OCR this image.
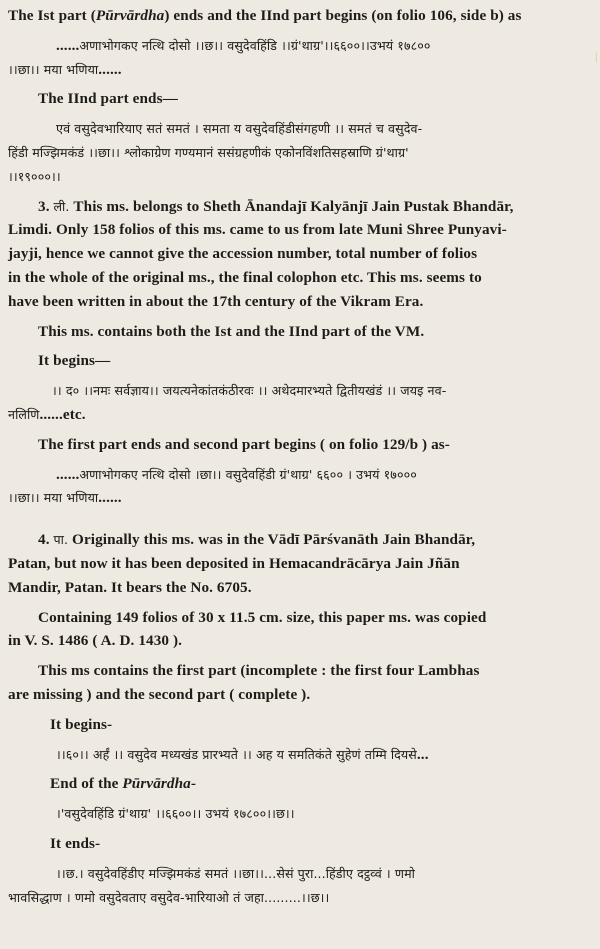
|

The Ist part (Pūrvārdha) ends and the IInd part begins (on folio 106, side b) as

......अणाभोगकए नत्थि दोसो ।।छ।। वसुदेवहिंडि ।।ग्रं'थाग्र'।।६६००।।उभयं १७८००

।।छा।। मया भणिया......

The IInd part ends—

एवं वसुदेवभारियाए सतं समतं । समता य वसुदेवहिंडीसंगहणी ।। समतं च वसुदेव-

हिंडी मज्झिमकंडं ।।छा।। श्लोकाग्रेण गण्यमानं ससंग्रहणीकं एकोनविंशतिसहस्राणि ग्रं'थाग्र'

।।१९०००।।

3. ली. This ms. belongs to Sheth Ānandajī Kalyānjī Jain Pustak Bhandār,

Limdi. Only 158 folios of this ms. came to us from late Muni Shree Punyavi-

jayji, hence we cannot give the accession number, total number of folios

in the whole of the original ms., the final colophon etc. This ms. seems to

have been written in about the 17th century of the Vikram Era.

This ms. contains both the Ist and the IInd part of the VM.

It begins—

।। द० ।।नमः सर्वज्ञाय।। जयत्यनेकांतकंठीरवः ।। अथेदमारभ्यते द्वितीयखंडं ।। जयइ नव-

नलिणि......etc.

The first part ends and second part begins ( on folio 129/b ) as-

......अणाभोगकए नत्थि दोसो ।छा।। वसुदेवहिंडी ग्रं'थाग्र' ६६०० । उभयं १७०००

।।छा।। मया भणिया......

4. पा. Originally this ms. was in the Vādī Pārśvanāth Jain Bhandār,

Patan, but now it has been deposited in Hemacandrācārya Jain Jñān

Mandir, Patan. It bears the No. 6705.

Containing 149 folios of 30 x 11.5 cm. size, this paper ms. was copied

in V. S. 1486 ( A. D. 1430 ).

This ms contains the first part (incomplete : the first four Lambhas

are missing ) and the second part ( complete ).

It begins-

।।६०।। अर्हं ।। वसुदेव मध्यखंड प्रारभ्यते ।। अह य समतिकंते सुहेणं तम्मि दियसे...

End of the Pūrvārdha-

।'वसुदेवहिंडि ग्रं'थाग्र' ।।६६००।। उभयं १७८००।।छ।।

It ends-

।।छ.। वसुदेवहिंडीए मज्झिमकंडं समतं ।।छा।।...सेसं पुरा...हिंडीए दट्ठव्वं । णमो

भावसिद्धाण । णमो वसुदेवताए वसुदेव-भारियाओ तं जहा.........।।छ।।
